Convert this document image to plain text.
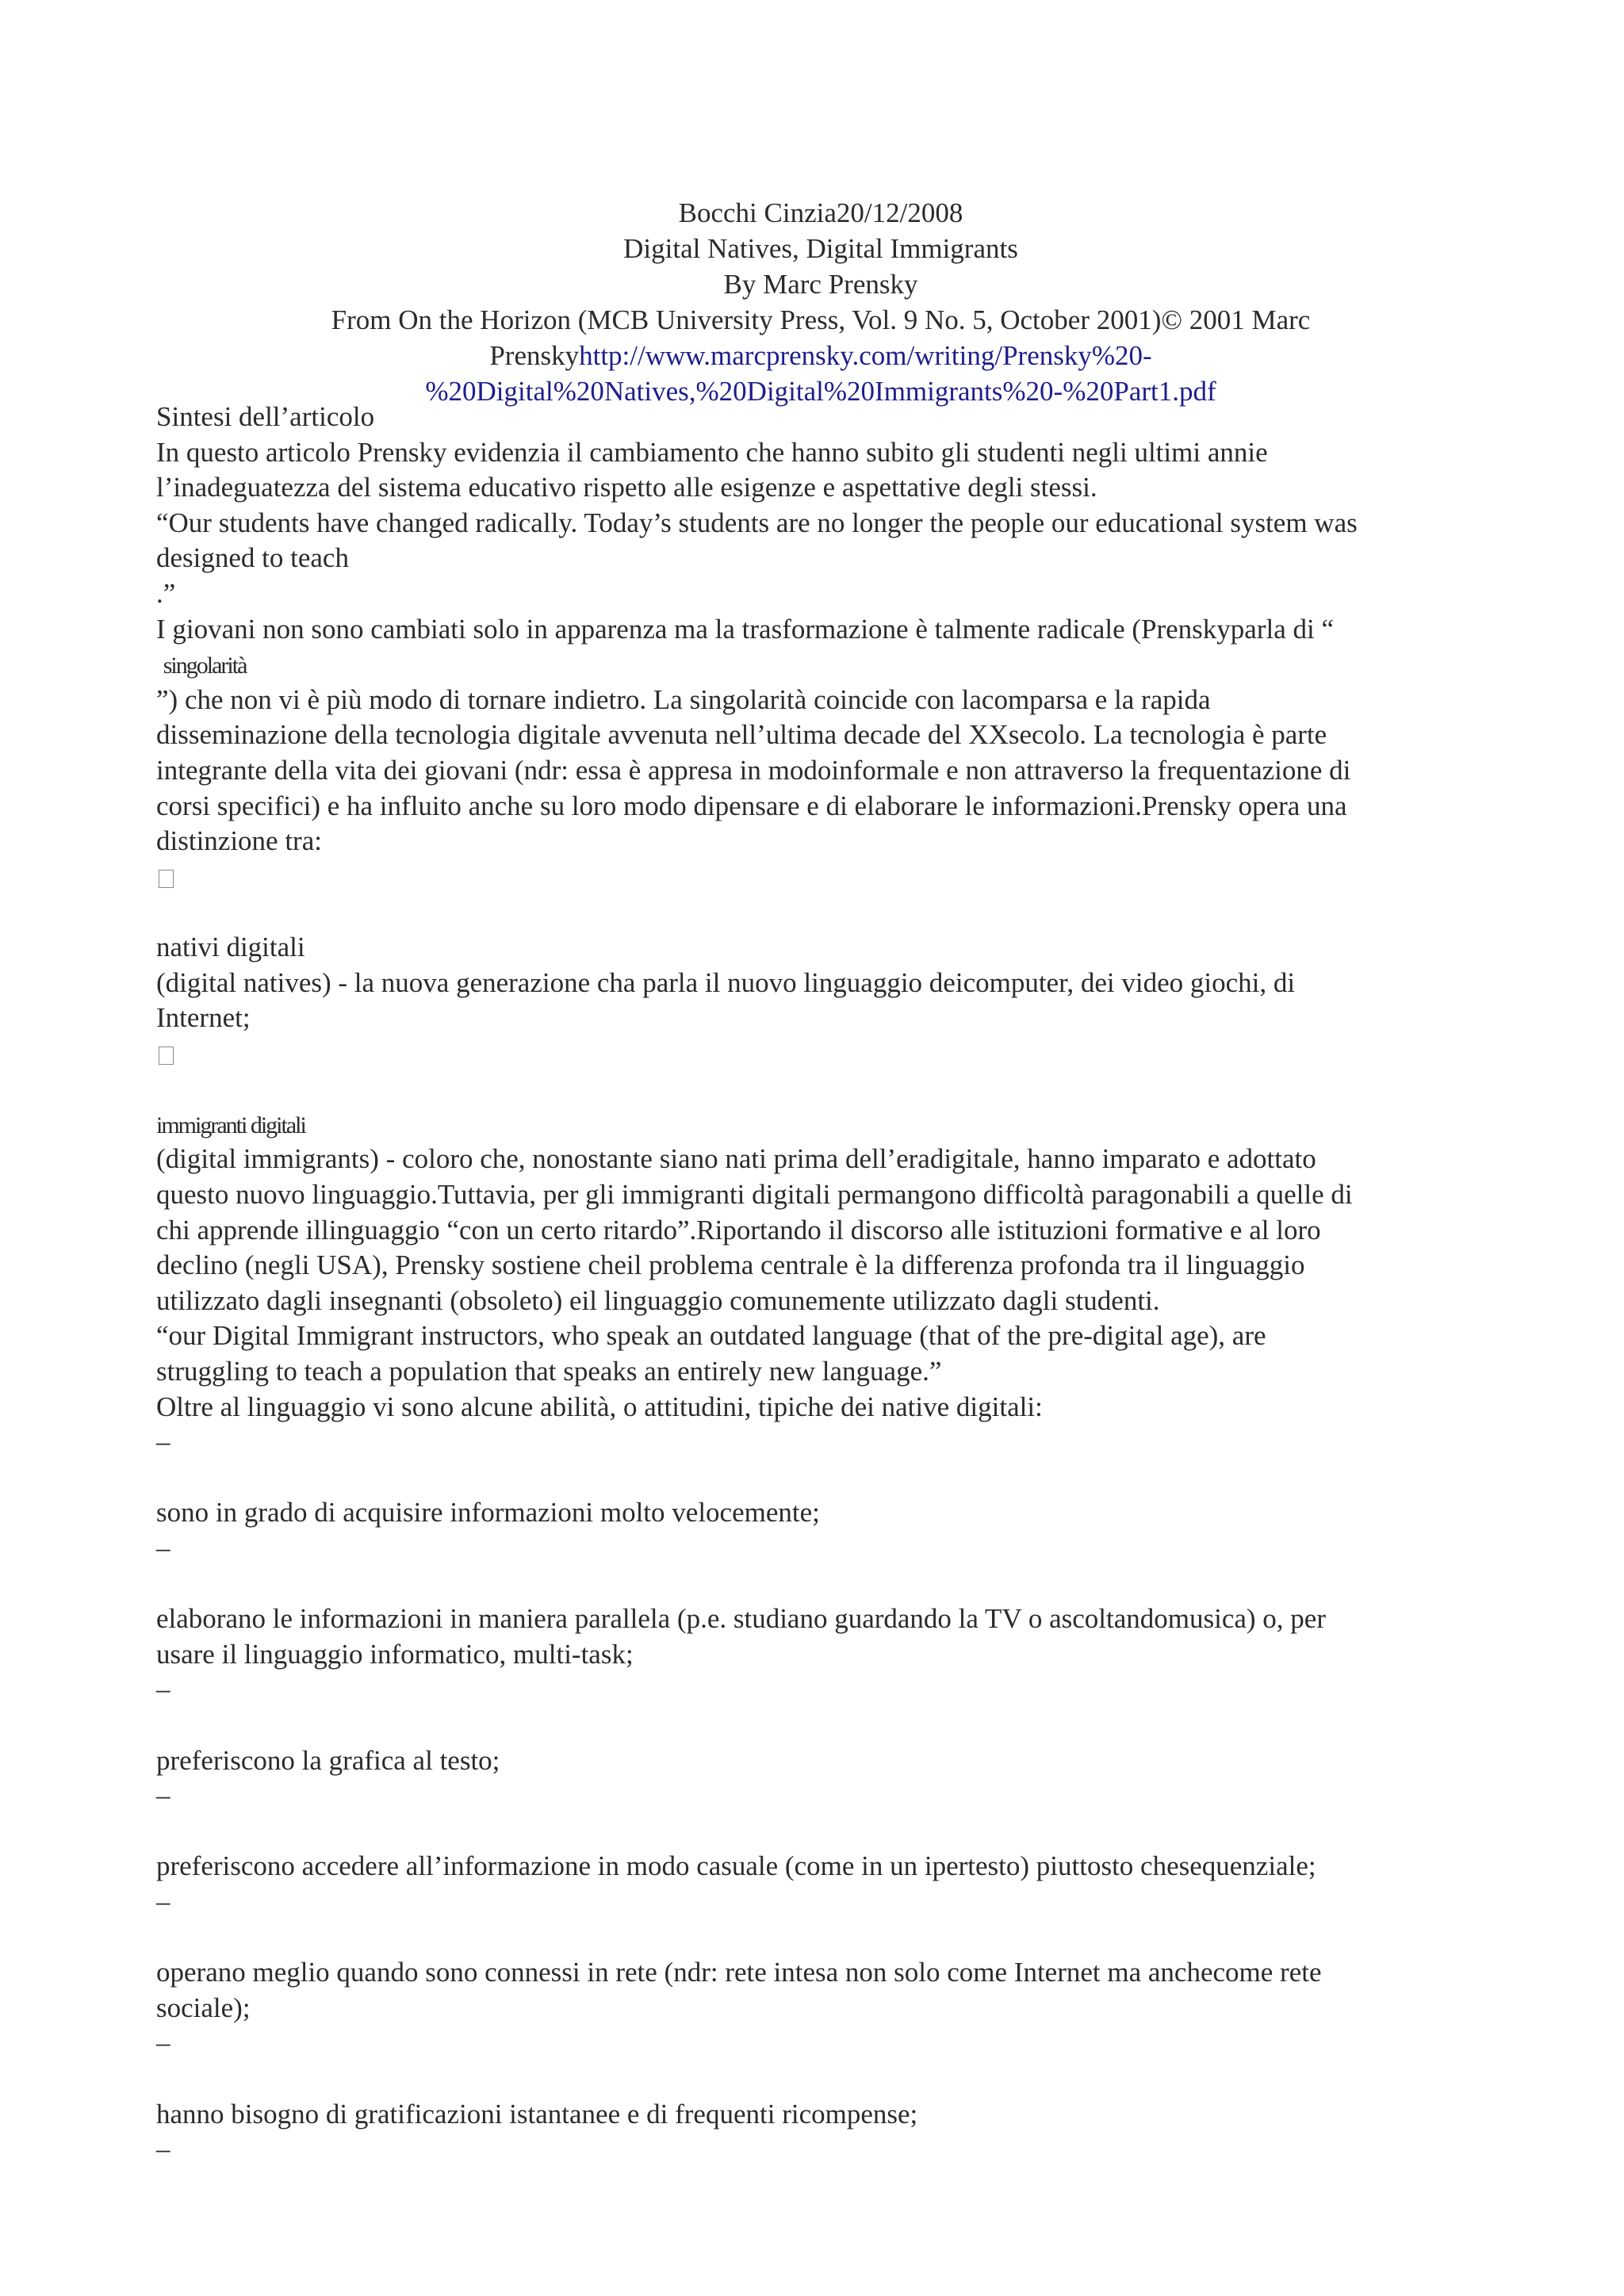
Bocchi Cinzia20/12/2008
Digital Natives, Digital Immigrants
By Marc Prensky
From On the Horizon (MCB University Press, Vol. 9 No. 5, October 2001)© 2001 Marc
Prenskyhttp://www.marcprensky.com/writing/Prensky%20-
%20Digital%20Natives,%20Digital%20Immigrants%20-%20Part1.pdf
Sintesi dell’articolo
In questo articolo Prensky evidenzia il cambiamento che hanno subito gli studenti negli ultimi annie
l’inadeguatezza del sistema educativo rispetto alle esigenze e aspettative degli stessi.
“Our students have changed radically. Today’s students are no longer the people our educational system was
designed to teach
.”
I giovani non sono cambiati solo in apparenza ma la trasformazione è talmente radicale (Prenskyparla di “
singolarità
”) che non vi è più modo di tornare indietro. La singolarità coincide con lacomparsa e la rapida
disseminazione della tecnologia digitale avvenuta nell’ultima decade del XXsecolo. La tecnologia è parte
integrante della vita dei giovani (ndr: essa è appresa in modoinformale e non attraverso la frequentazione di
corsi specifici) e ha influito anche su loro modo dipensare e di elaborare le informazioni.Prensky opera una
distinzione tra:
nativi digitali
(digital natives) - la nuova generazione cha parla il nuovo linguaggio deicomputer, dei video giochi, di
Internet;
immigranti digitali
(digital immigrants) - coloro che, nonostante siano nati prima dell’eradigitale, hanno imparato e adottato
questo nuovo linguaggio.Tuttavia, per gli immigranti digitali permangono difficoltà paragonabili a quelle di
chi apprende illinguaggio “con un certo ritardo”.Riportando il discorso alle istituzioni formative e al loro
declino (negli USA), Prensky sostiene cheil problema centrale è la differenza profonda tra il linguaggio
utilizzato dagli insegnanti (obsoleto) eil linguaggio comunemente utilizzato dagli studenti.
“our Digital Immigrant instructors, who speak an outdated language (that of the pre-digital age), are
struggling to teach a population that speaks an entirely new language.”
Oltre al linguaggio vi sono alcune abilità, o attitudini, tipiche dei native digitali:
–
sono in grado di acquisire informazioni molto velocemente;
–
elaborano le informazioni in maniera parallela (p.e. studiano guardando la TV o ascoltandomusica) o, per
usare il linguaggio informatico, multi-task;
–
preferiscono la grafica al testo;
–
preferiscono accedere all’informazione in modo casuale (come in un ipertesto) piuttosto chesequenziale;
–
operano meglio quando sono connessi in rete (ndr: rete intesa non solo come Internet ma anchecome rete
sociale);
–
hanno bisogno di gratificazioni istantanee e di frequenti ricompense;
–
